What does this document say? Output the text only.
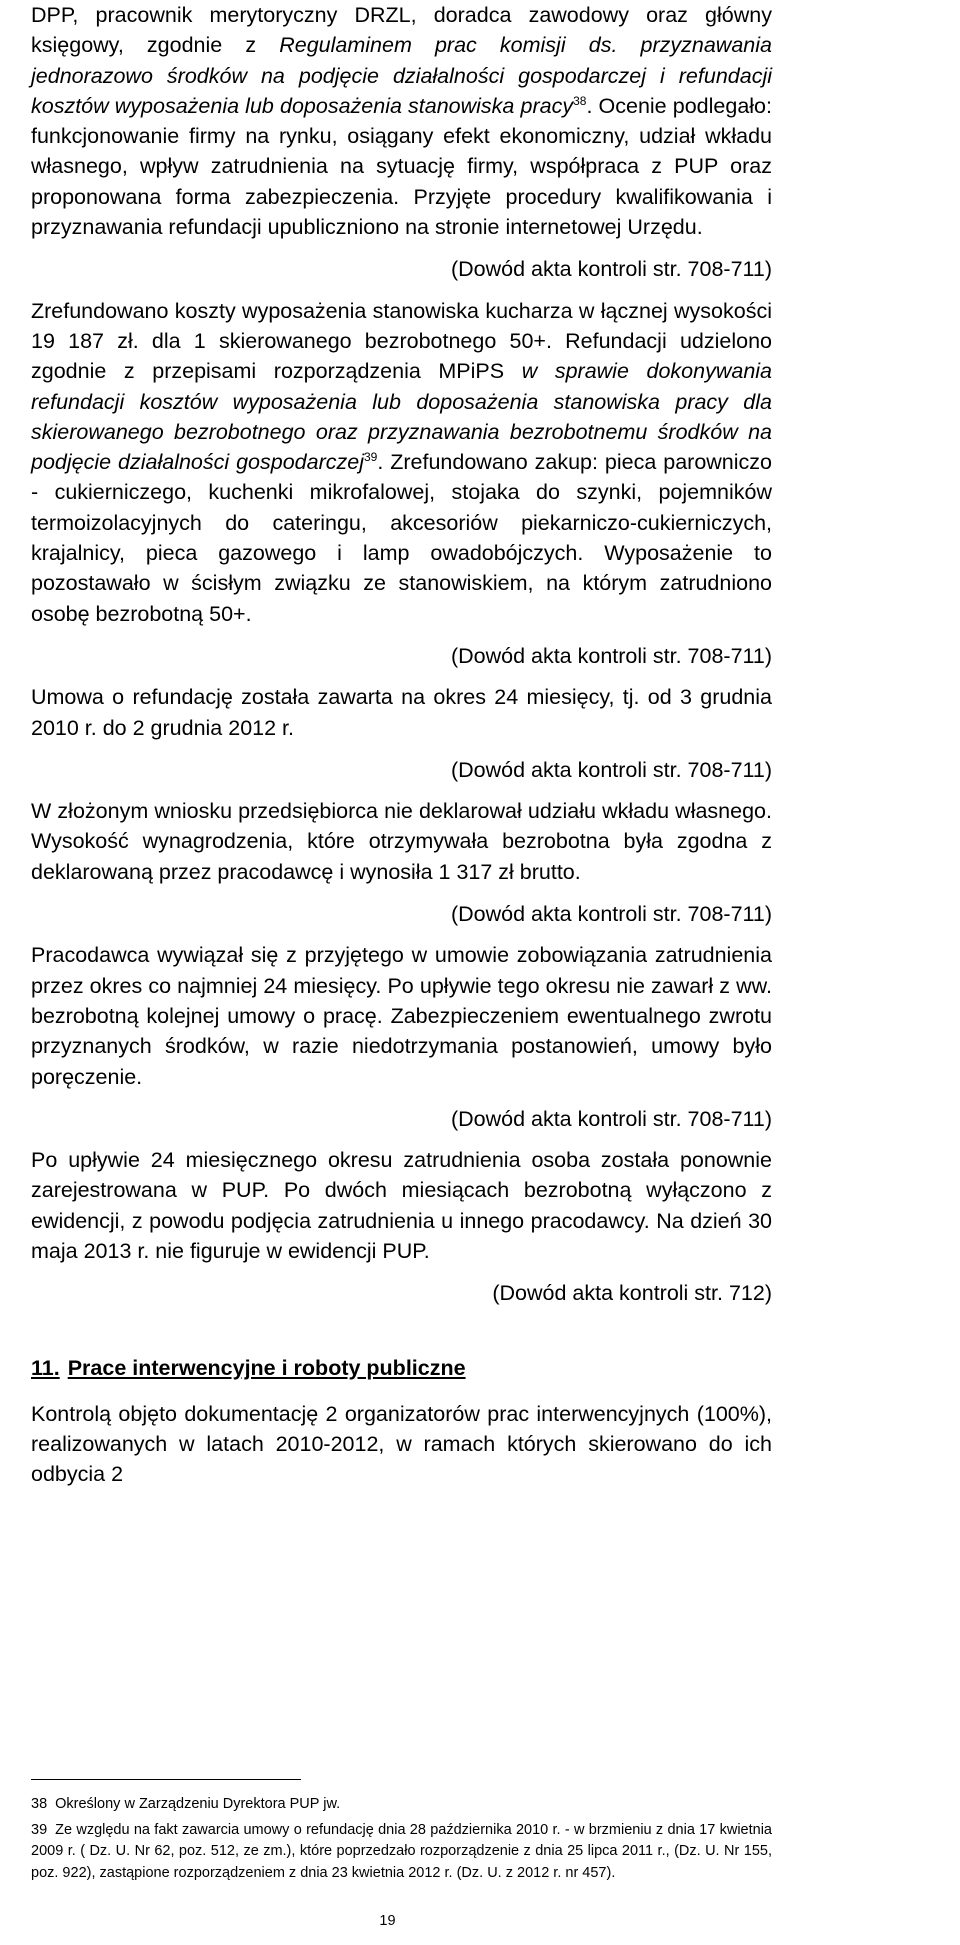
DPP, pracownik merytoryczny DRZL, doradca zawodowy oraz główny księgowy, zgodnie z Regulaminem prac komisji ds. przyznawania jednorazowo środków na podjęcie działalności gospodarczej i refundacji kosztów wyposażenia lub doposażenia stanowiska pracy$^{38}$. Ocenie podlegało: funkcjonowanie firmy na rynku, osiągany efekt ekonomiczny, udział wkładu własnego, wpływ zatrudnienia na sytuację firmy, współpraca z PUP oraz proponowana forma zabezpieczenia. Przyjęte procedury kwalifikowania i przyznawania refundacji upubliczniono na stronie internetowej Urzędu.

(Dowód akta kontroli str. 708-711)

Zrefundowano koszty wyposażenia stanowiska kucharza w łącznej wysokości 19 187 zł. dla 1 skierowanego bezrobotnego 50+. Refundacji udzielono zgodnie z przepisami rozporządzenia MPiPS w sprawie dokonywania refundacji kosztów wyposażenia lub doposażenia stanowiska pracy dla skierowanego bezrobotnego oraz przyznawania bezrobotnemu środków na podjęcie działalności gospodarczej$^{39}$. Zrefundowano zakup: pieca parowniczo - cukierniczego, kuchenki mikrofalowej, stojaka do szynki, pojemników termoizolacyjnych do cateringu, akcesoriów piekarniczo-cukierniczych, krajalnicy, pieca gazowego i lamp owadobójczych. Wyposażenie to pozostawało w ścisłym związku ze stanowiskiem, na którym zatrudniono osobę bezrobotną 50+.

(Dowód akta kontroli str. 708-711)

Umowa o refundację została zawarta na okres 24 miesięcy, tj. od 3 grudnia 2010 r. do 2 grudnia 2012 r.

(Dowód akta kontroli str. 708-711)

W złożonym wniosku przedsiębiorca nie deklarował udziału wkładu własnego. Wysokość wynagrodzenia, które otrzymywała bezrobotna była zgodna z deklarowaną przez pracodawcę i wynosiła 1 317 zł brutto.

(Dowód akta kontroli str. 708-711)

Pracodawca wywiązał się z przyjętego w umowie zobowiązania zatrudnienia przez okres co najmniej 24 miesięcy. Po upływie tego okresu nie zawarł z ww. bezrobotną kolejnej umowy o pracę. Zabezpieczeniem ewentualnego zwrotu przyznanych środków, w razie niedotrzymania postanowień, umowy było poręczenie.

(Dowód akta kontroli str. 708-711)

Po upływie 24 miesięcznego okresu zatrudnienia osoba została ponownie zarejestrowana w PUP. Po dwóch miesiącach bezrobotną wyłączono z ewidencji, z powodu podjęcia zatrudnienia u innego pracodawcy. Na dzień 30 maja 2013 r. nie figuruje w ewidencji PUP.

(Dowód akta kontroli str. 712)

11. Prace interwencyjne i roboty publiczne

Kontrolą objęto dokumentację 2 organizatorów prac interwencyjnych (100%), realizowanych w latach 2010-2012, w ramach których skierowano do ich odbycia 2

38 Określony w Zarządzeniu Dyrektora PUP jw.

39 Ze względu na fakt zawarcia umowy o refundację dnia 28 października 2010 r. - w brzmieniu z dnia 17 kwietnia 2009 r. ( Dz. U. Nr 62, poz. 512, ze zm.), które poprzedzało rozporządzenie z dnia 25 lipca 2011 r., (Dz. U. Nr 155, poz. 922), zastąpione rozporządzeniem z dnia 23 kwietnia 2012 r. (Dz. U. z 2012 r. nr 457).

19
